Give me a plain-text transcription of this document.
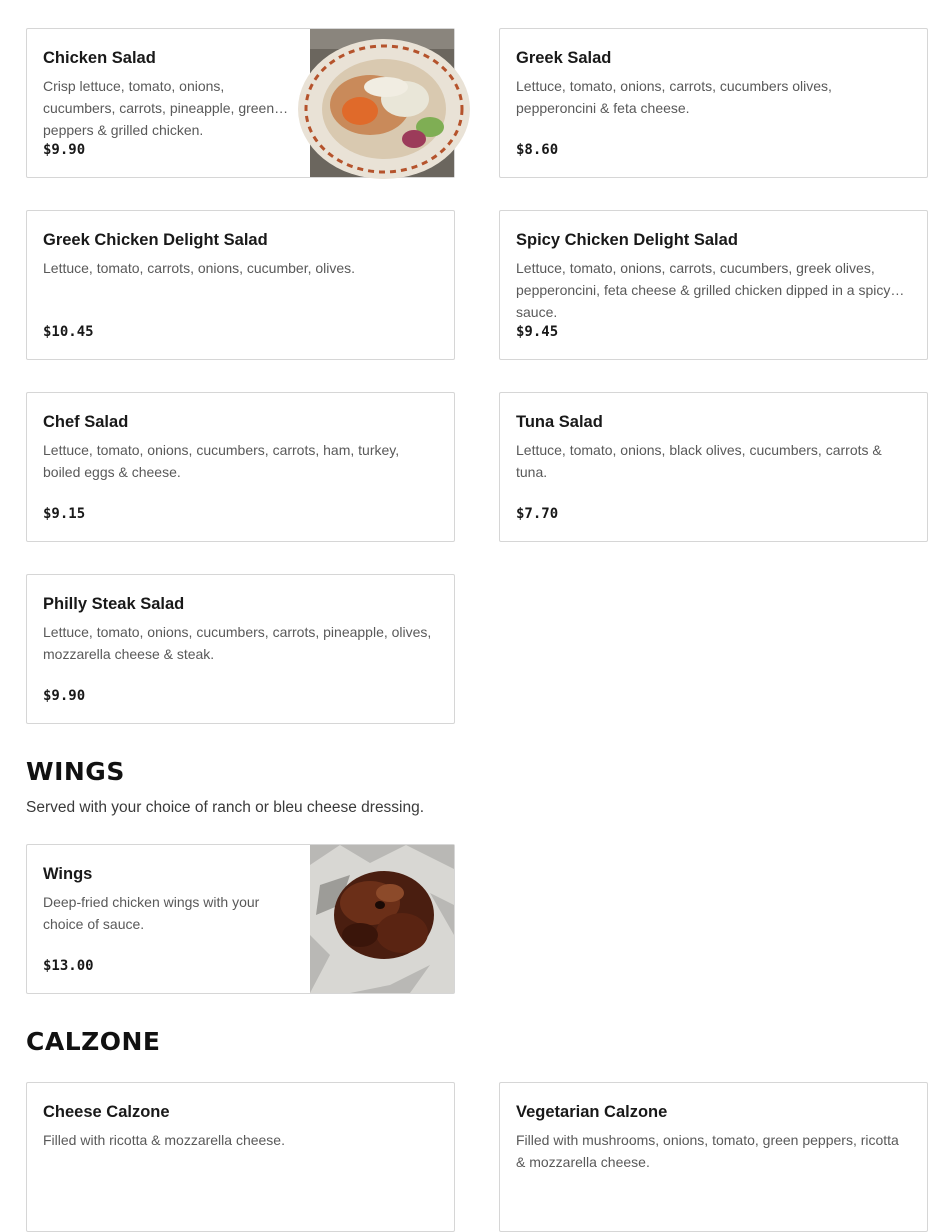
Chicken Salad
Crisp lettuce, tomato, onions, cucumbers, carrots, pineapple, green peppers & grilled chicken.
$9.90
Greek Salad
Lettuce, tomato, onions, carrots, cucumbers olives, pepperoncini & feta cheese.
$8.60
Greek Chicken Delight Salad
Lettuce, tomato, carrots, onions, cucumber, olives.
$10.45
Spicy Chicken Delight Salad
Lettuce, tomato, onions, carrots, cucumbers, greek olives, pepperoncini, feta cheese & grilled chicken dipped in a spicy sauce.
$9.45
Chef Salad
Lettuce, tomato, onions, cucumbers, carrots, ham, turkey, boiled eggs & cheese.
$9.15
Tuna Salad
Lettuce, tomato, onions, black olives, cucumbers, carrots & tuna.
$7.70
Philly Steak Salad
Lettuce, tomato, onions, cucumbers, carrots, pineapple, olives, mozzarella cheese & steak.
$9.90
WINGS
Served with your choice of ranch or bleu cheese dressing.
Wings
Deep-fried chicken wings with your choice of sauce.
$13.00
CALZONE
Cheese Calzone
Filled with ricotta & mozzarella cheese.
Vegetarian Calzone
Filled with mushrooms, onions, tomato, green peppers, ricotta & mozzarella cheese.
